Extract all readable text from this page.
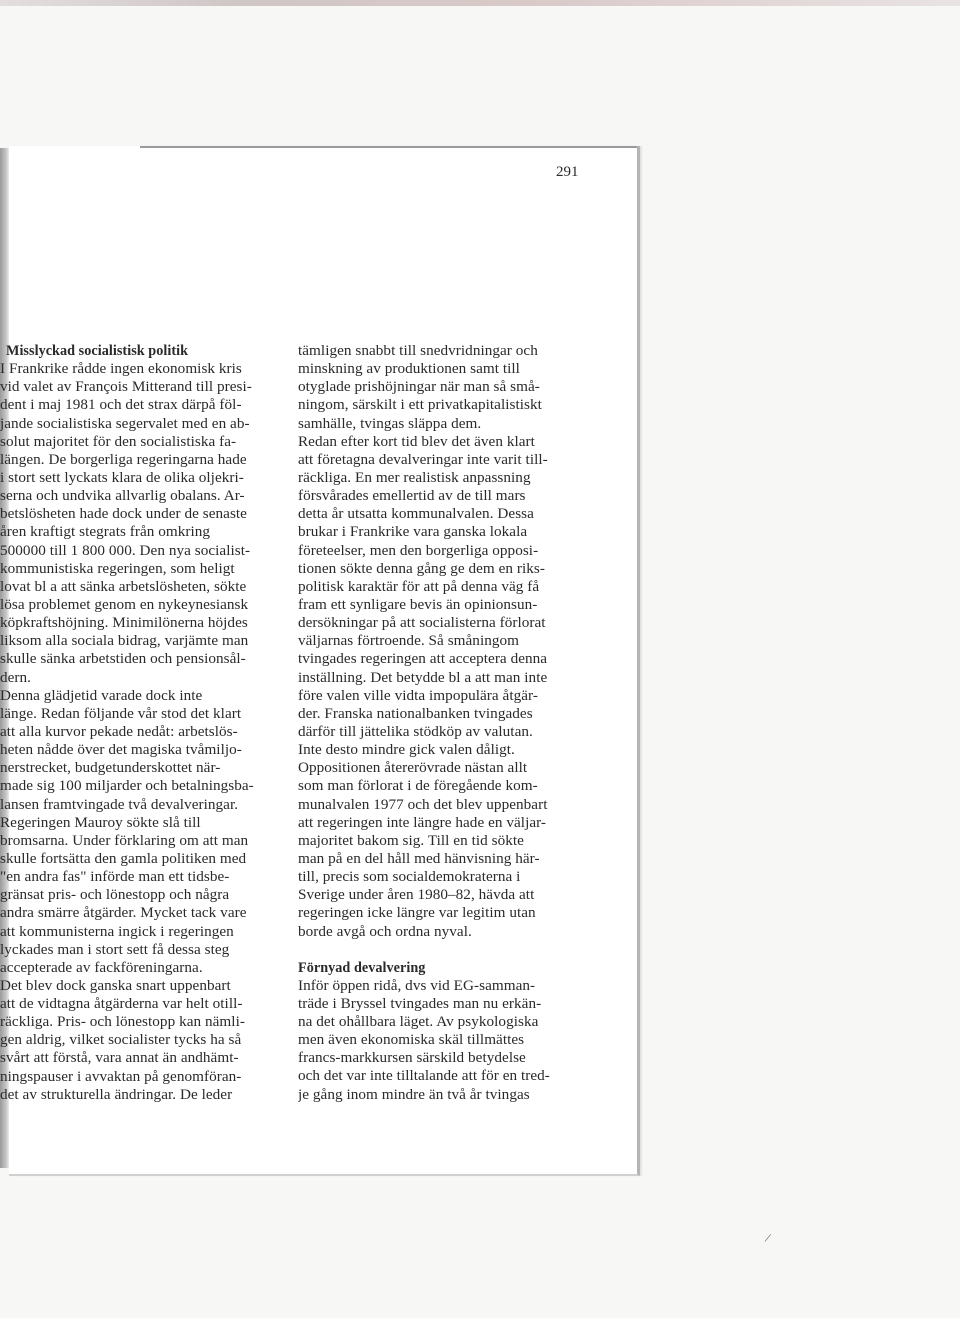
291
Misslyckad socialistisk politik
I Frankrike rådde ingen ekonomisk kris
vid valet av François Mitterand till presi-
dent i maj 1981 och det strax därpå föl-
jande socialistiska segervalet med en ab-
solut majoritet för den socialistiska fa-
längen. De borgerliga regeringarna hade
i stort sett lyckats klara de olika oljekri-
serna och undvika allvarlig obalans. Ar-
betslösheten hade dock under de senaste
åren kraftigt stegrats från omkring
500000 till 1 800 000. Den nya socialist-
kommunistiska regeringen, som heligt
lovat bl a att sänka arbetslösheten, sökte
lösa problemet genom en nykeynesiansk
köpkraftshöjning. Minimilönerna höjdes
liksom alla sociala bidrag, varjämte man
skulle sänka arbetstiden och pensionsål-
dern.
Denna glädjetid varade dock inte
länge. Redan följande vår stod det klart
att alla kurvor pekade nedåt: arbetslös-
heten nådde över det magiska tvåmiljo-
nerstrecket, budgetunderskottet när-
made sig 100 miljarder och betalningsba-
lansen framtvingade två devalveringar.
Regeringen Mauroy sökte slå till
bromsarna. Under förklaring om att man
skulle fortsätta den gamla politiken med
"en andra fas" införde man ett tidsbe-
gränsat pris- och lönestopp och några
andra smärre åtgärder. Mycket tack vare
att kommunisterna ingick i regeringen
lyckades man i stort sett få dessa steg
accepterade av fackföreningarna.
Det blev dock ganska snart uppenbart
att de vidtagna åtgärderna var helt otill-
räckliga. Pris- och lönestopp kan nämli-
gen aldrig, vilket socialister tycks ha så
svårt att förstå, vara annat än andhämt-
ningspauser i avvaktan på genomföran-
det av strukturella ändringar. De leder
tämligen snabbt till snedvridningar och
minskning av produktionen samt till
otyglade prishöjningar när man så små-
ningom, särskilt i ett privatkapitalistiskt
samhälle, tvingas släppa dem.
Redan efter kort tid blev det även klart
att företagna devalveringar inte varit till-
räckliga. En mer realistisk anpassning
försvårades emellertid av de till mars
detta år utsatta kommunalvalen. Dessa
brukar i Frankrike vara ganska lokala
företeelser, men den borgerliga opposi-
tionen sökte denna gång ge dem en riks-
politisk karaktär för att på denna väg få
fram ett synligare bevis än opinionsun-
dersökningar på att socialisterna förlorat
väljarnas förtroende. Så småningom
tvingades regeringen att acceptera denna
inställning. Det betydde bl a att man inte
före valen ville vidta impopulära åtgär-
der. Franska nationalbanken tvingades
därför till jättelika stödköp av valutan.
Inte desto mindre gick valen dåligt.
Oppositionen återerövrade nästan allt
som man förlorat i de föregående kom-
munalvalen 1977 och det blev uppenbart
att regeringen inte längre hade en väljar-
majoritet bakom sig. Till en tid sökte
man på en del håll med hänvisning här-
till, precis som socialdemokraterna i
Sverige under åren 1980–82, hävda att
regeringen icke längre var legitim utan
borde avgå och ordna nyval.
Förnyad devalvering
Inför öppen ridå, dvs vid EG-samman-
träde i Bryssel tvingades man nu erkän-
na det ohållbara läget. Av psykologiska
men även ekonomiska skäl tillmättes
francs-markkursen särskild betydelse
och det var inte tilltalande att för en tred-
je gång inom mindre än två år tvingas
/
